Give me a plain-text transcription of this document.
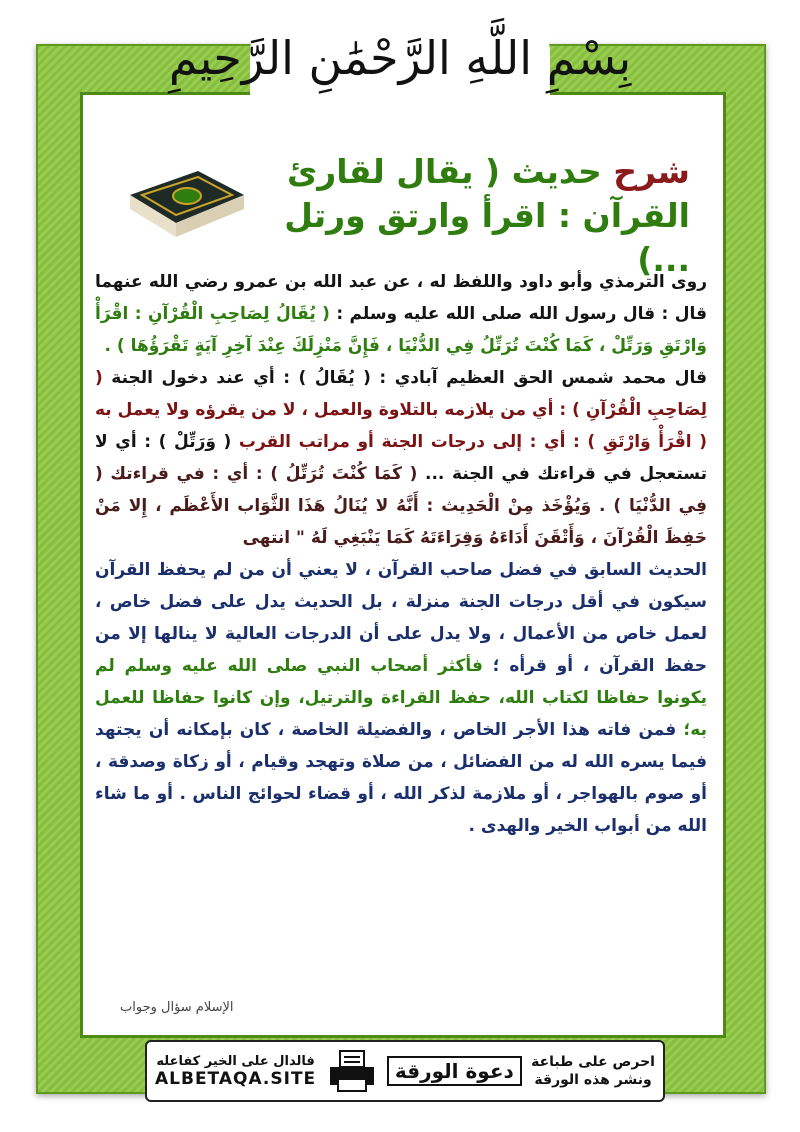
بِسْمِ اللَّهِ الرَّحْمَٰنِ الرَّحِيمِ
شرح حديث ( يقال لقارئ
القرآن : اقرأ وارتق ورتل ...)

روى الترمذي وأبو داود واللفظ له ، عن عبد الله بن عمرو رضي الله عنهما قال : قال رسول الله صلى الله عليه وسلم : ( يُقَالُ لِصَاحِبِ الْقُرْآنِ : اقْرَأْ وَارْتَقِ وَرَتِّلْ ، كَمَا كُنْتَ تُرَتِّلُ فِي الدُّنْيَا ، فَإِنَّ مَنْزِلَكَ عِنْدَ آخِرِ آيَةٍ تَقْرَؤُهَا ) .

قال محمد شمس الحق العظيم آبادي : ( يُقَالُ ) : أي عند دخول الجنة ( لِصَاحِبِ الْقُرْآنِ ) : أي من يلازمه بالتلاوة والعمل ، لا من يقرؤه ولا يعمل به ( اقْرَأْ وَارْتَقِ ) : أي : إلى درجات الجنة أو مراتب القرب ( وَرَتِّلْ ) : أي لا تستعجل في قراءتك في الجنة ... ( كَمَا كُنْتَ تُرَتِّلُ ) : أي : في قراءتك ( فِي الدُّنْيَا ) . وَيُؤْخَذ مِنْ الْحَدِيث : أَنَّهُ لا يُنَالُ هَذَا الثَّوَاب الأَعْظَم ، إِلا مَنْ حَفِظَ الْقُرْآنَ ، وَأَتْقَنَ أَدَاءَهُ وَقِرَاءَتَهُ كَمَا يَنْبَغِي لَهُ " انتهى

الحديث السابق في فضل صاحب القرآن ، لا يعني أن من لم يحفظ القرآن سيكون في أقل درجات الجنة منزلة ، بل الحديث يدل على فضل خاص ، لعمل خاص من الأعمال ، ولا يدل على أن الدرجات العالية لا ينالها إلا من حفظ القرآن ، أو قرأه ؛ فأكثر أصحاب النبي صلى الله عليه وسلم لم يكونوا حفاظا لكتاب الله، حفظ القراءة والترتيل، وإن كانوا حفاظا للعمل به؛ فمن فاته هذا الأجر الخاص ، والفضيلة الخاصة ، كان بإمكانه أن يجتهد فيما يسره الله له من الفضائل ، من صلاة وتهجد وقيام ، أو زكاة وصدقة ، أو صوم بالهواجر ، أو ملازمة لذكر الله ، أو قضاء لحوائج الناس . أو ما شاء الله من أبواب الخير والهدى .

الإسلام سؤال وجواب
فالدال على الخير كفاعله
ALBETAQA.SITE	دعوة الورقة	احرص على طباعة
ونشر هذه الورقة
